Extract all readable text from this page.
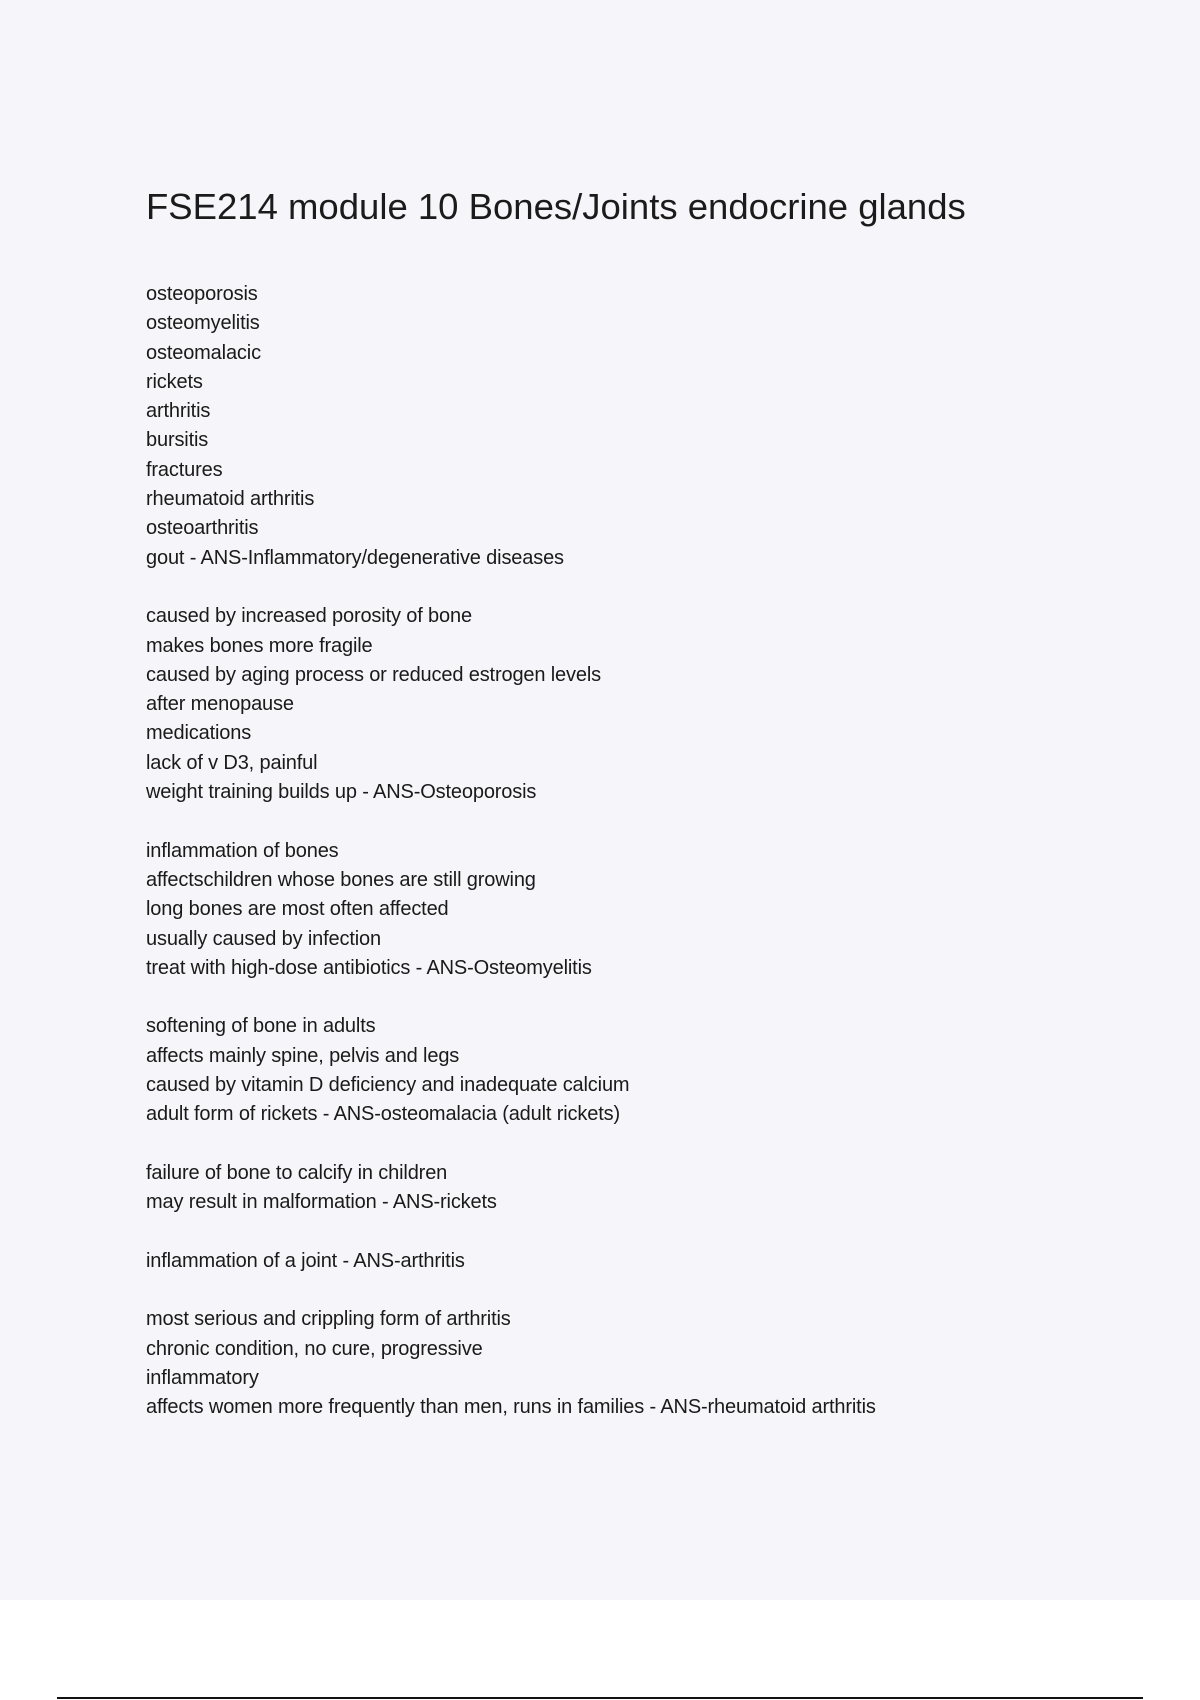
FSE214 module 10 Bones/Joints endocrine glands
osteoporosis
osteomyelitis
osteomalacic
rickets
arthritis
bursitis
fractures
rheumatoid arthritis
osteoarthritis
gout - ANS-Inflammatory/degenerative diseases
caused by increased porosity of bone
makes bones more fragile
caused by aging process or reduced estrogen levels
after menopause
medications
lack of v D3, painful
weight training builds up - ANS-Osteoporosis
inflammation of bones
affectschildren whose bones are still growing
long bones are most often affected
usually caused by infection
treat with high-dose antibiotics - ANS-Osteomyelitis
softening of bone in adults
affects mainly spine, pelvis and legs
caused by vitamin D deficiency and inadequate calcium
adult form of rickets - ANS-osteomalacia (adult rickets)
failure of bone to calcify in children
may result in malformation - ANS-rickets
inflammation of a joint - ANS-arthritis
most serious and crippling form of arthritis
chronic condition, no cure, progressive
inflammatory
affects women more frequently than men, runs in families - ANS-rheumatoid arthritis
